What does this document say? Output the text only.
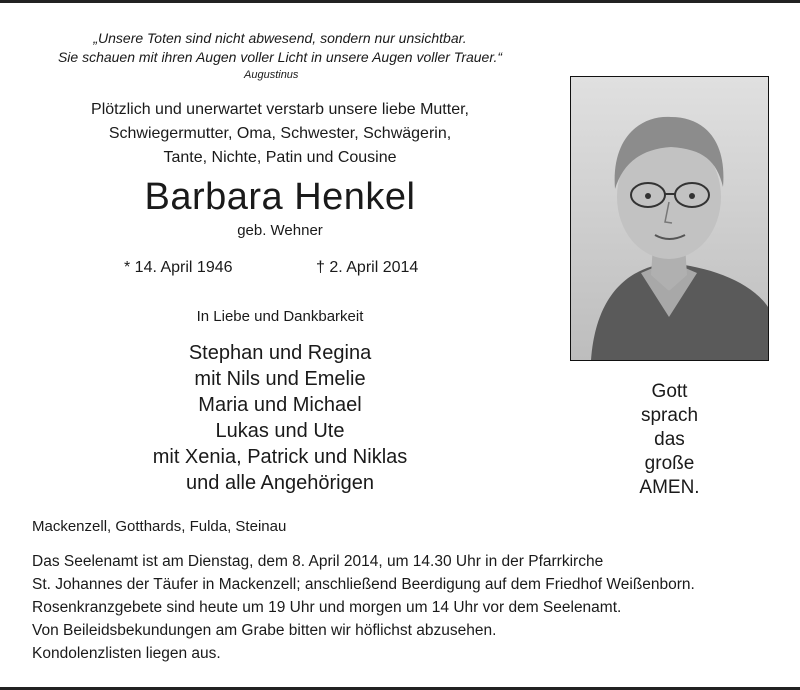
„Unsere Toten sind nicht abwesend, sondern nur unsichtbar.
Sie schauen mit ihren Augen voller Licht in unsere Augen voller Trauer.“
Augustinus
Plötzlich und unerwartet verstarb unsere liebe Mutter,
Schwiegermutter, Oma, Schwester, Schwägerin,
Tante, Nichte, Patin und Cousine
Barbara Henkel
geb. Wehner
* 14. April 1946	† 2. April 2014
In Liebe und Dankbarkeit
Stephan und Regina
mit Nils und Emelie
Maria und Michael
Lukas und Ute
mit Xenia, Patrick und Niklas
und alle Angehörigen
Gott
sprach
das
große
AMEN.
Mackenzell, Gotthards, Fulda, Steinau
Das Seelenamt ist am Dienstag, dem 8. April 2014, um 14.30 Uhr in der Pfarrkirche
St. Johannes der Täufer in Mackenzell; anschließend Beerdigung auf dem Friedhof Weißenborn.
Rosenkranzgebete sind heute um 19 Uhr und morgen um 14 Uhr vor dem Seelenamt.
Von Beileidsbekundungen am Grabe bitten wir höflichst abzusehen.
Kondolenzlisten liegen aus.
